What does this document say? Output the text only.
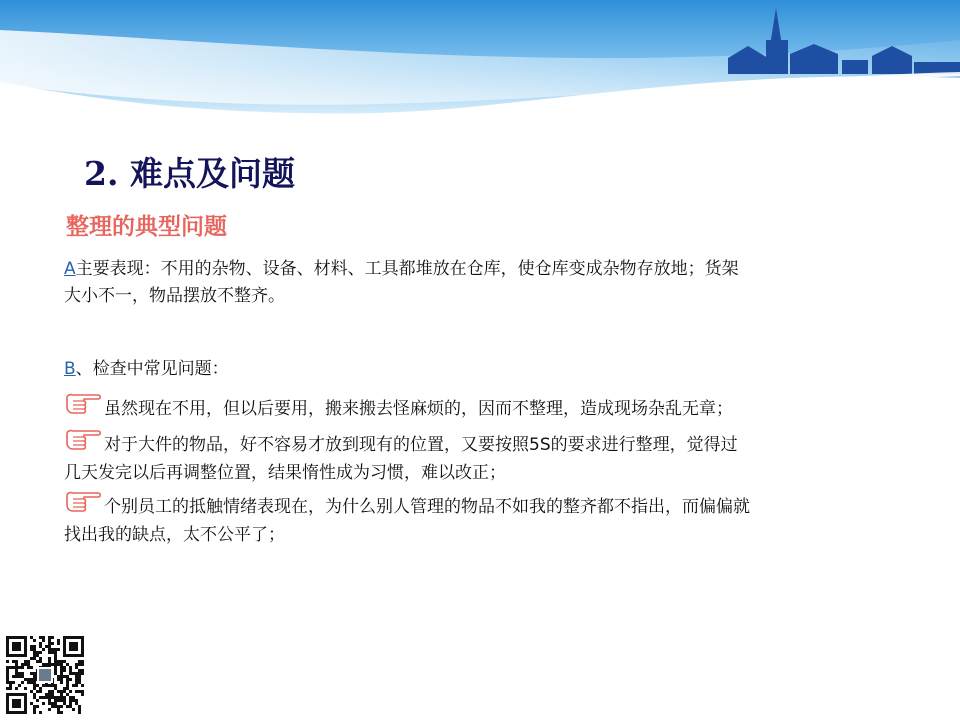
2. 难点及问题
整理的典型问题

A主要表现：不用的杂物、设备、材料、工具都堆放在仓库，使仓库变成杂物存放地；货架
大小不一，物品摆放不整齐。

B、检查中常见问题：

虽然现在不用，但以后要用，搬来搬去怪麻烦的，因而不整理，造成现场杂乱无章；
对于大件的物品，好不容易才放到现有的位置，又要按照5S的要求进行整理，觉得过
几天发完以后再调整位置，结果惰性成为习惯，难以改正；
个别员工的抵触情绪表现在，为什么别人管理的物品不如我的整齐都不指出，而偏偏就
找出我的缺点，太不公平了；
